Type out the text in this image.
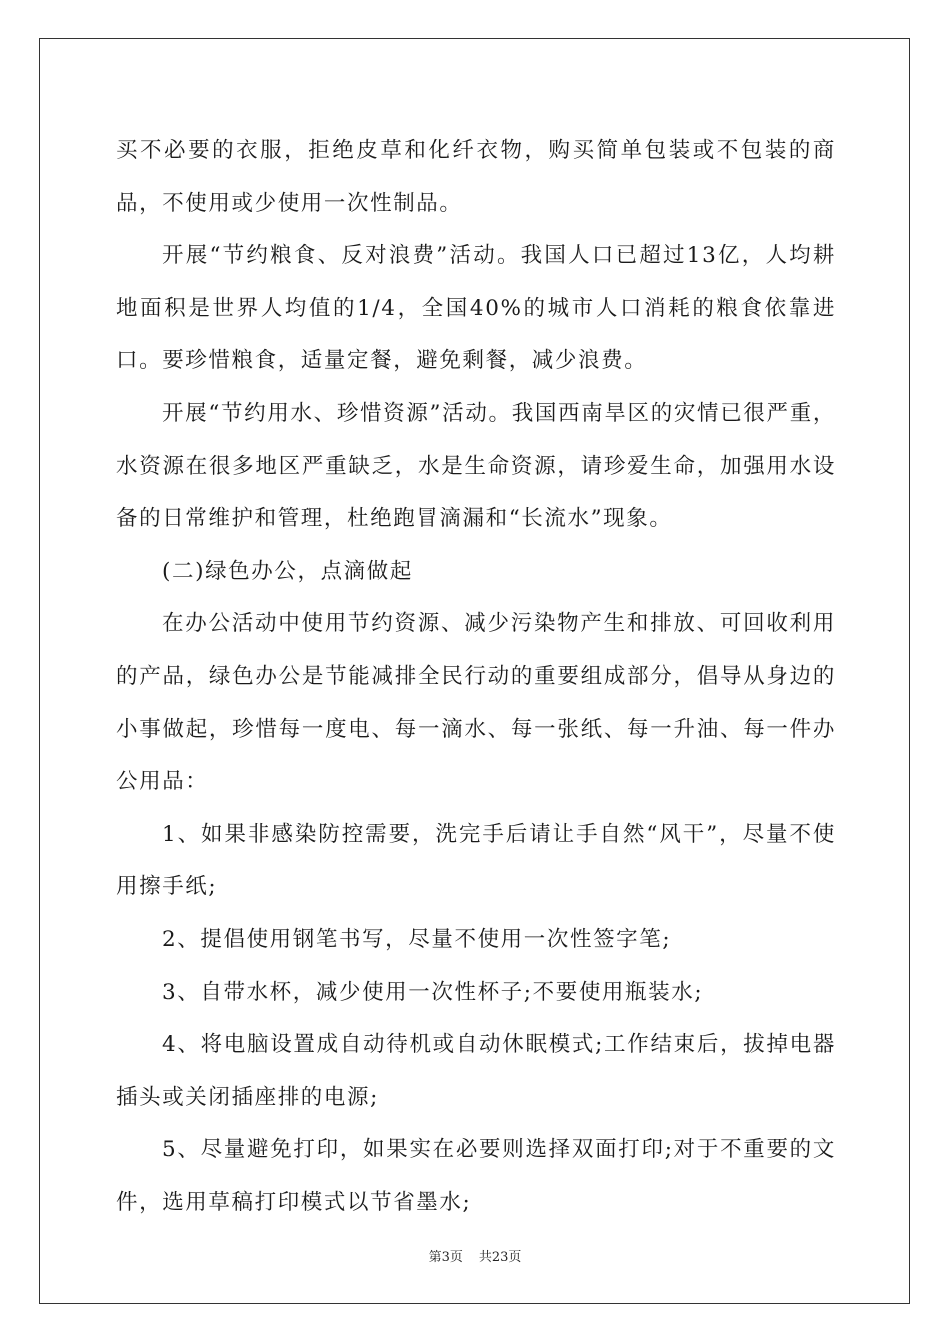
买不必要的衣服，拒绝皮草和化纤衣物，购买简单包装或不包装的商品，不使用或少使用一次性制品。

开展“节约粮食、反对浪费”活动。我国人口已超过13亿，人均耕地面积是世界人均值的1/4，全国40%的城市人口消耗的粮食依靠进口。要珍惜粮食，适量定餐，避免剩餐，减少浪费。

开展“节约用水、珍惜资源”活动。我国西南旱区的灾情已很严重，水资源在很多地区严重缺乏，水是生命资源，请珍爱生命，加强用水设备的日常维护和管理，杜绝跑冒滴漏和“长流水”现象。

(二)绿色办公，点滴做起

在办公活动中使用节约资源、减少污染物产生和排放、可回收利用的产品，绿色办公是节能减排全民行动的重要组成部分，倡导从身边的小事做起，珍惜每一度电、每一滴水、每一张纸、每一升油、每一件办公用品：

1、如果非感染防控需要，洗完手后请让手自然“风干”，尽量不使用擦手纸;

2、提倡使用钢笔书写，尽量不使用一次性签字笔;

3、自带水杯，减少使用一次性杯子;不要使用瓶装水;

4、将电脑设置成自动待机或自动休眠模式;工作结束后，拔掉电器插头或关闭插座排的电源;

5、尽量避免打印，如果实在必要则选择双面打印;对于不重要的文件，选用草稿打印模式以节省墨水;

第3页 共23页
